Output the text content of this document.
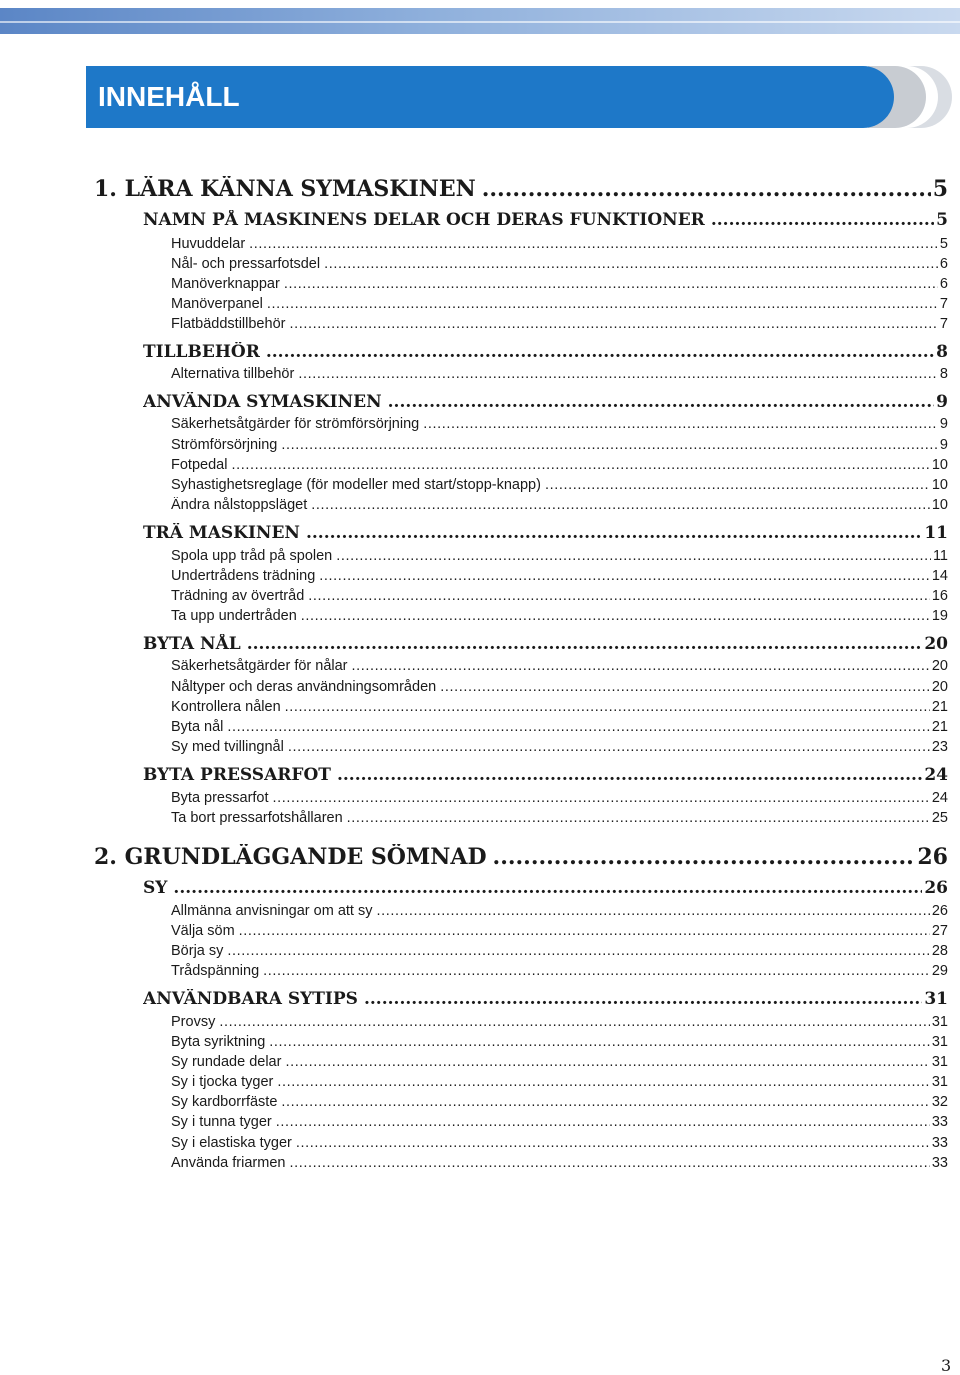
INNEHÅLL
1. LÄRA KÄNNA SYMASKINEN .....	5
NAMN PÅ MASKINENS DELAR OCH DERAS FUNKTIONER .....	5
Huvuddelar .....	5
Nål- och pressarfotsdel .....	6
Manöverknappar .....	6
Manöverpanel .....	7
Flatbäddstillbehör .....	7
TILLBEHÖR .....	8
Alternativa tillbehör .....	8
ANVÄNDA SYMASKINEN .....	9
Säkerhetsåtgärder för strömförsörjning .....	9
Strömförsörjning .....	9
Fotpedal .....	10
Syhastighetsreglage (för modeller med start/stopp-knapp) .....	10
Ändra nålstoppsläget .....	10
TRÄ MASKINEN .....	11
Spola upp tråd på spolen .....	11
Undertrådens trädning .....	14
Trädning av övertråd .....	16
Ta upp undertråden .....	19
BYTA NÅL .....	20
Säkerhetsåtgärder för nålar .....	20
Nåltyper och deras användningsområden .....	20
Kontrollera nålen .....	21
Byta nål .....	21
Sy med tvillingnål .....	23
BYTA PRESSARFOT .....	24
Byta pressarfot .....	24
Ta bort pressarfotshållaren .....	25
2. GRUNDLÄGGANDE SÖMNAD .....	26
SY .....	26
Allmänna anvisningar om att sy .....	26
Välja söm .....	27
Börja sy .....	28
Trådspänning .....	29
ANVÄNDBARA SYTIPS .....	31
Provsy .....	31
Byta syriktning .....	31
Sy rundade delar .....	31
Sy i tjocka tyger .....	31
Sy kardborrfäste .....	32
Sy i tunna tyger .....	33
Sy i elastiska tyger .....	33
Använda friarmen .....	33
3
